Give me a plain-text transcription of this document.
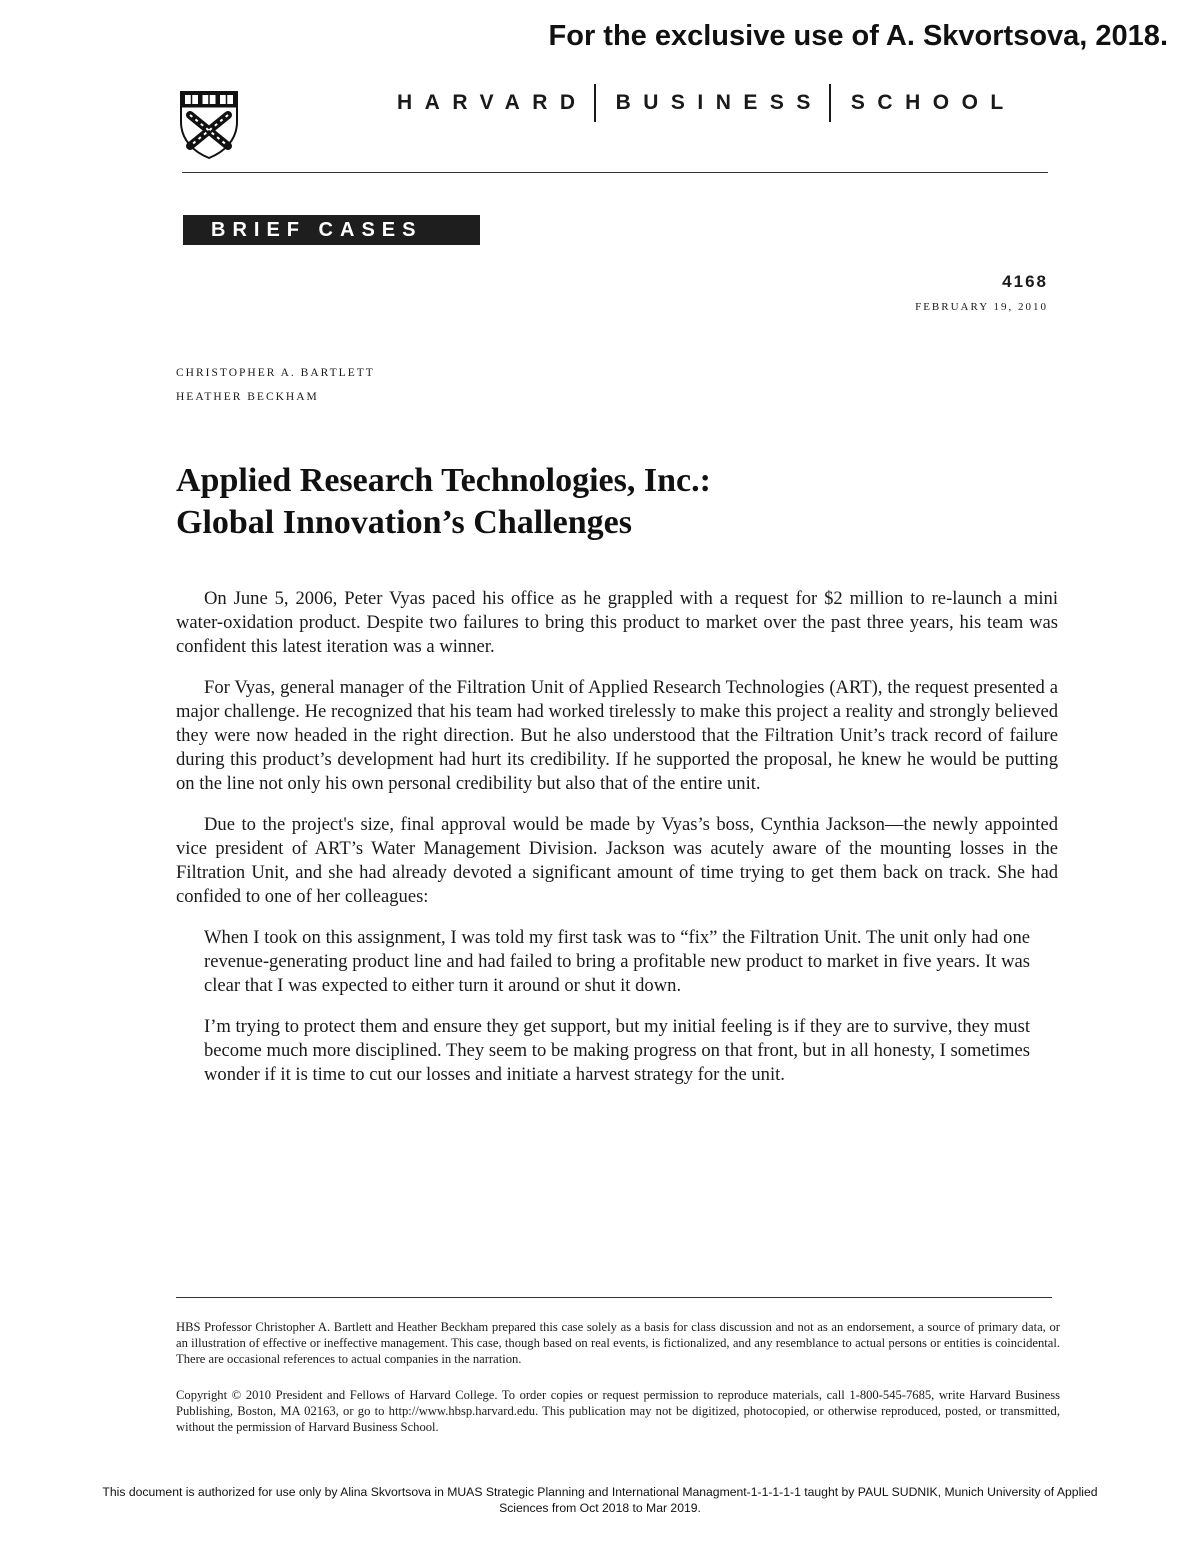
For the exclusive use of A. Skvortsova, 2018.
HARVARD BUSINESS SCHOOL
BRIEF CASES
4168
FEBRUARY 19, 2010
CHRISTOPHER A. BARTLETT
HEATHER BECKHAM
Applied Research Technologies, Inc.:
Global Innovation’s Challenges

On June 5, 2006, Peter Vyas paced his office as he grappled with a request for $2 million to re-launch a mini water-oxidation product. Despite two failures to bring this product to market over the past three years, his team was confident this latest iteration was a winner.

For Vyas, general manager of the Filtration Unit of Applied Research Technologies (ART), the request presented a major challenge. He recognized that his team had worked tirelessly to make this project a reality and strongly believed they were now headed in the right direction. But he also understood that the Filtration Unit’s track record of failure during this product’s development had hurt its credibility. If he supported the proposal, he knew he would be putting on the line not only his own personal credibility but also that of the entire unit.

Due to the project's size, final approval would be made by Vyas’s boss, Cynthia Jackson—the newly appointed vice president of ART’s Water Management Division. Jackson was acutely aware of the mounting losses in the Filtration Unit, and she had already devoted a significant amount of time trying to get them back on track. She had confided to one of her colleagues:

When I took on this assignment, I was told my first task was to “fix” the Filtration Unit. The unit only had one revenue-generating product line and had failed to bring a profitable new product to market in five years. It was clear that I was expected to either turn it around or shut it down.
I’m trying to protect them and ensure they get support, but my initial feeling is if they are to survive, they must become much more disciplined. They seem to be making progress on that front, but in all honesty, I sometimes wonder if it is time to cut our losses and initiate a harvest strategy for the unit.

HBS Professor Christopher A. Bartlett and Heather Beckham prepared this case solely as a basis for class discussion and not as an endorsement, a source of primary data, or an illustration of effective or ineffective management. This case, though based on real events, is fictionalized, and any resemblance to actual persons or entities is coincidental. There are occasional references to actual companies in the narration.

Copyright © 2010 President and Fellows of Harvard College. To order copies or request permission to reproduce materials, call 1-800-545-7685, write Harvard Business Publishing, Boston, MA 02163, or go to http://www.hbsp.harvard.edu. This publication may not be digitized, photocopied, or otherwise reproduced, posted, or transmitted, without the permission of Harvard Business School.

This document is authorized for use only by Alina Skvortsova in MUAS Strategic Planning and International Managment-1-1-1-1-1 taught by PAUL SUDNIK, Munich University of Applied
Sciences from Oct 2018 to Mar 2019.
